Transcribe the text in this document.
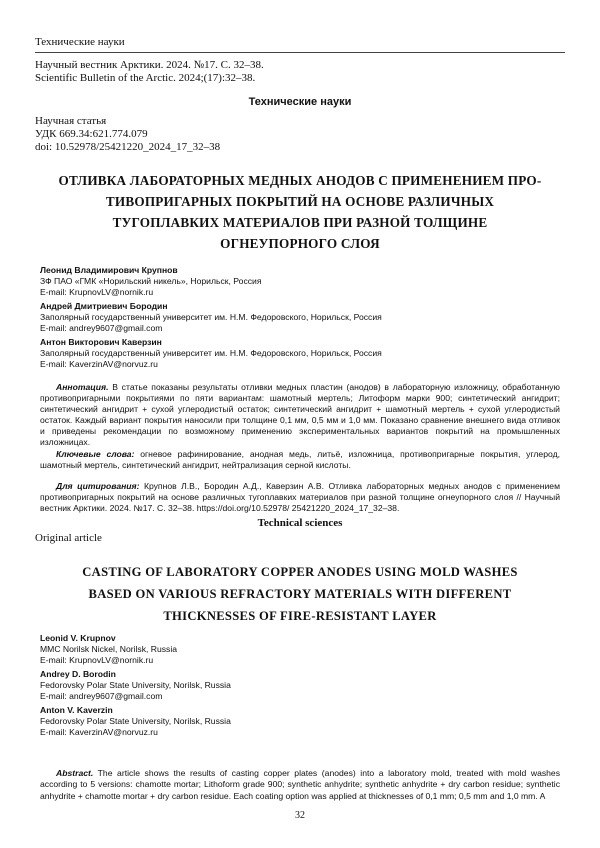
Технические науки
Научный вестник Арктики. 2024. №17. С. 32–38.
Scientific Bulletin of the Arctic. 2024;(17):32–38.
Технические науки
Научная статья
УДК 669.34:621.774.079
doi: 10.52978/25421220_2024_17_32–38
ОТЛИВКА ЛАБОРАТОРНЫХ МЕДНЫХ АНОДОВ С ПРИМЕНЕНИЕМ ПРО-
ТИВОПРИГАРНЫХ ПОКРЫТИЙ НА ОСНОВЕ РАЗЛИЧНЫХ
ТУГОПЛАВКИХ МАТЕРИАЛОВ ПРИ РАЗНОЙ ТОЛЩИНЕ
ОГНЕУПОРНОГО СЛОЯ
Леонид Владимирович Крупнов
ЗФ ПАО «ГМК «Норильский никель», Норильск, Россия
E-mail: KrupnovLV@nornik.ru
Андрей Дмитриевич Бородин
Заполярный государственный университет им. Н.М. Федоровского, Норильск, Россия
E-mail: andrey9607@gmail.com
Антон Викторович Каверзин
Заполярный государственный университет им. Н.М. Федоровского, Норильск, Россия
E-mail: KaverzinAV@norvuz.ru
Аннотация. В статье показаны результаты отливки медных пластин (анодов) в лабораторную изложницу, обработанную противопригарными покрытиями по пяти вариантам: шамотный мертель; Литоформ марки 900; синтетический ангидрит; синтетический ангидрит + сухой углеродистый остаток; синтетический ангидрит + шамотный мертель + сухой углеродистый остаток. Каждый вариант покрытия наносили при толщине 0,1 мм, 0,5 мм и 1,0 мм. Показано сравнение внешнего вида отливок и приведены рекомендации по возможному применению экспериментальных вариантов покрытий на промышленных изложницах.
Ключевые слова: огневое рафинирование, анодная медь, литьё, изложница, противопригарные покрытия, углерод, шамотный мертель, синтетический ангидрит, нейтрализация серной кислоты.
Для цитирования: Крупнов Л.В., Бородин А.Д., Каверзин А.В. Отливка лабораторных медных анодов с применением противопригарных покрытий на основе различных тугоплавких материалов при разной толщине огнеупорного слоя // Научный вестник Арктики. 2024. №17. С. 32–38. https://doi.org/10.52978/ 25421220_2024_17_32–38.
Technical sciences
Original article
CASTING OF LABORATORY COPPER ANODES USING MOLD WASHES
BASED ON VARIOUS REFRACTORY MATERIALS WITH DIFFERENT
THICKNESSES OF FIRE-RESISTANT LAYER
Leonid V. Krupnov
MMC Norilsk Nickel, Norilsk, Russia
E-mail: KrupnovLV@nornik.ru
Andrey D. Borodin
Fedorovsky Polar State University, Norilsk, Russia
E-mail: andrey9607@gmail.com
Anton V. Kaverzin
Fedorovsky Polar State University, Norilsk, Russia
E-mail: KaverzinAV@norvuz.ru
Abstract. The article shows the results of casting copper plates (anodes) into a laboratory mold, treated with mold washes according to 5 versions: chamotte mortar; Lithoform grade 900; synthetic anhydrite; synthetic anhydrite + dry carbon residue; synthetic anhydrite + chamotte mortar + dry carbon residue. Each coating option was applied at thicknesses of 0,1 mm; 0,5 mm and 1,0 mm. A
32
